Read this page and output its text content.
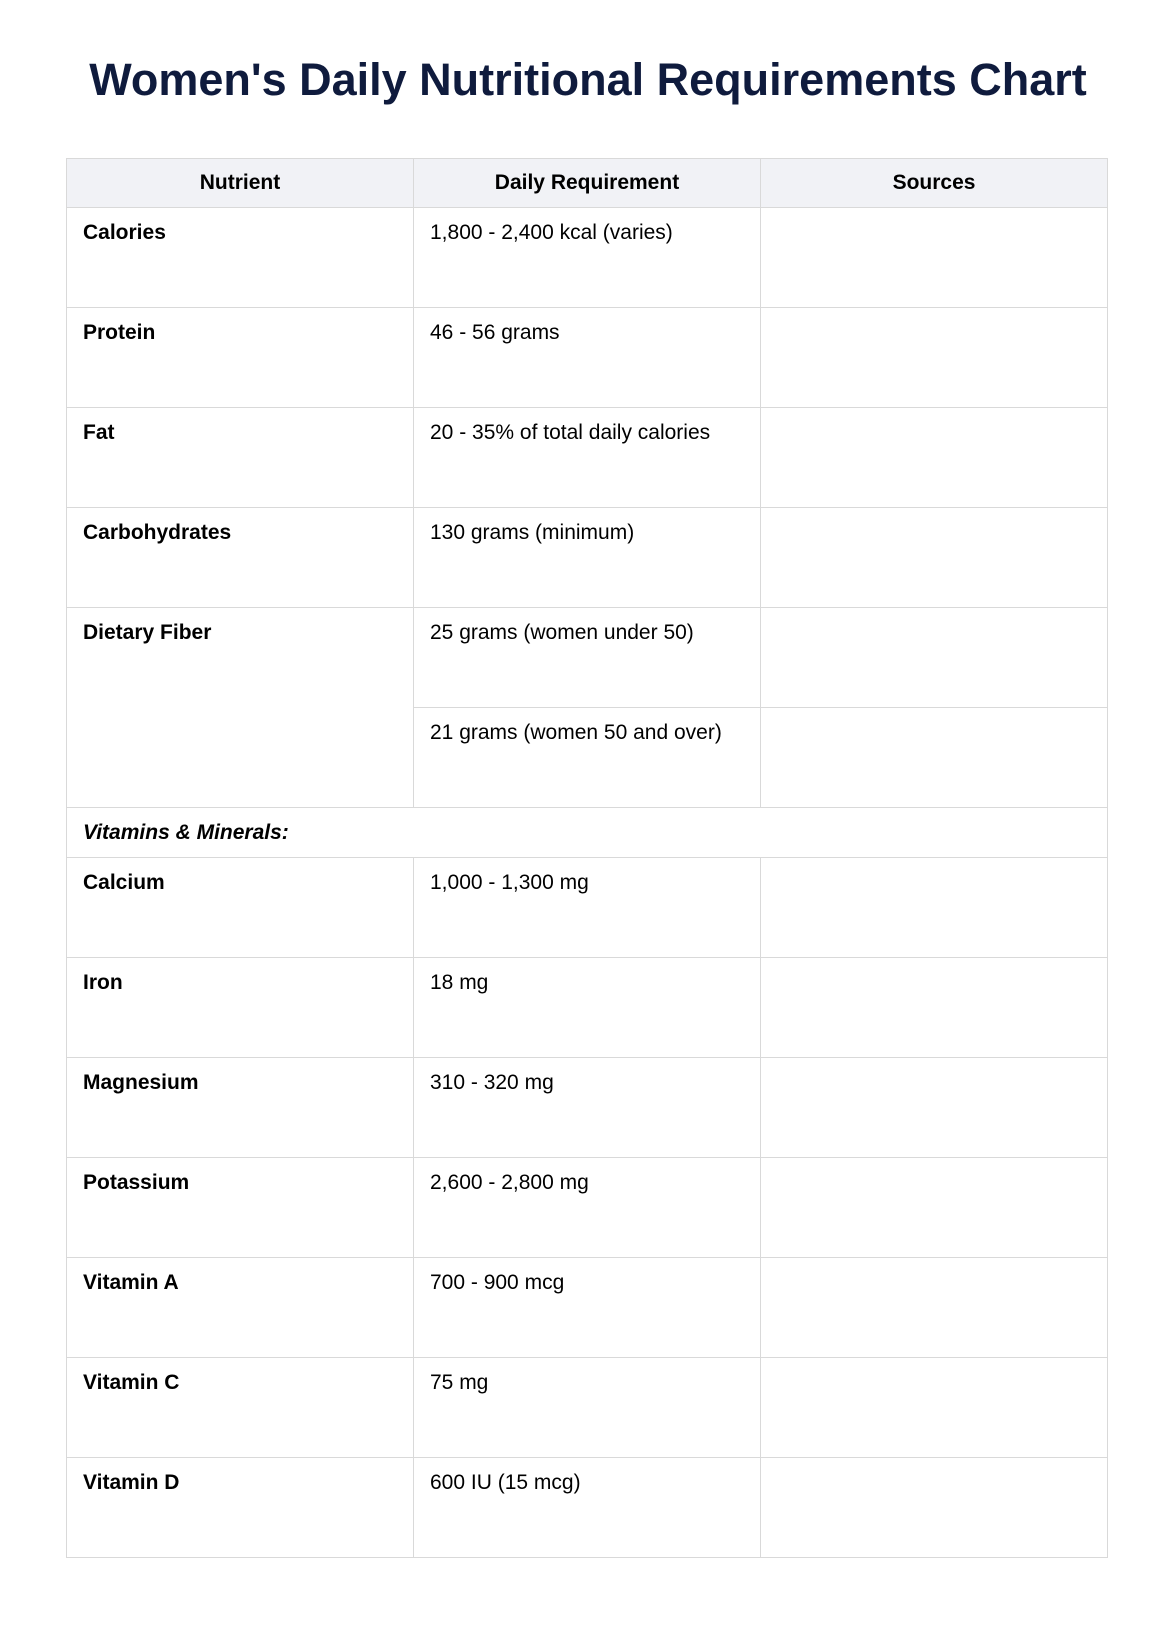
Women's Daily Nutritional Requirements Chart
Nutrient	Daily Requirement	Sources
Calories	1,800 - 2,400 kcal (varies)	
Protein	46 - 56 grams	
Fat	20 - 35% of total daily calories	
Carbohydrates	130 grams (minimum)	
Dietary Fiber	25 grams (women under 50)	
	21 grams (women 50 and over)	
Vitamins & Minerals:		
Calcium	1,000 - 1,300 mg	
Iron	18 mg	
Magnesium	310 - 320 mg	
Potassium	2,600 - 2,800 mg	
Vitamin A	700 - 900 mcg	
Vitamin C	75 mg	
Vitamin D	600 IU (15 mcg)	
